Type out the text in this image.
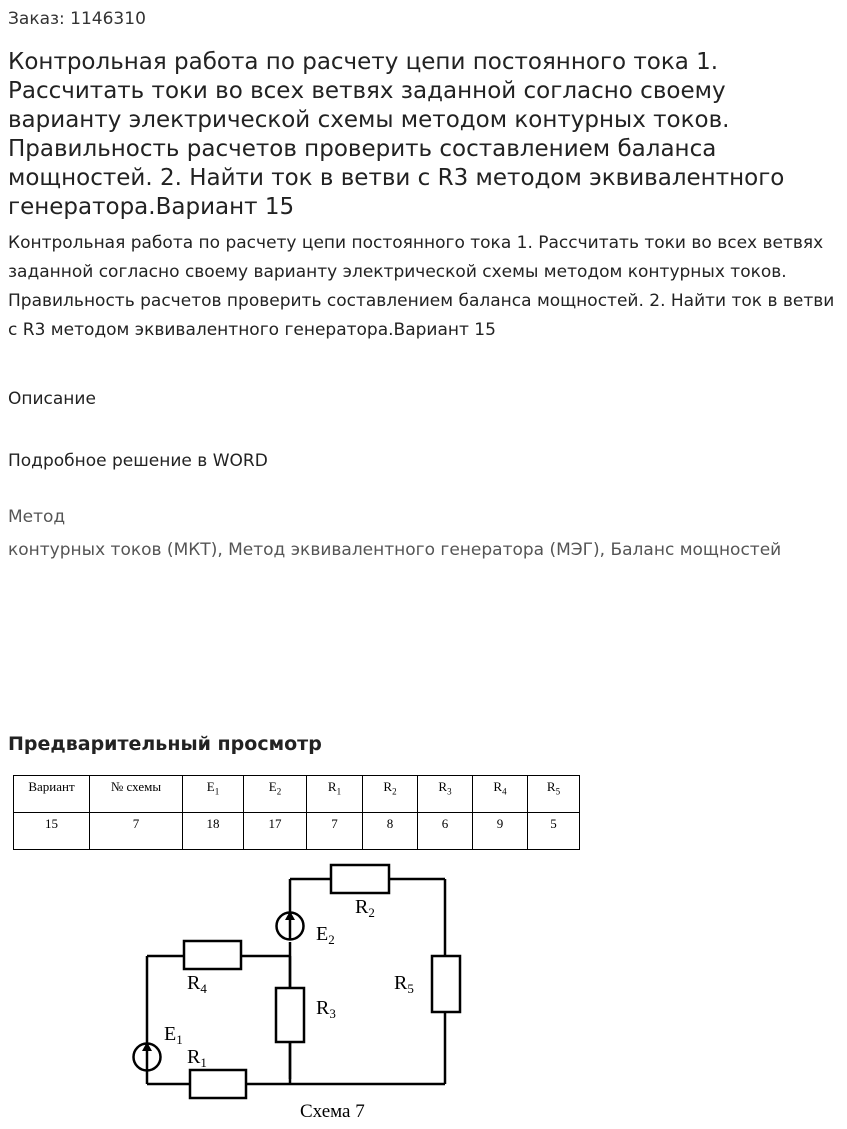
Заказ: 1146310
Контрольная работа по расчету цепи постоянного тока 1. Рассчитать токи во всех ветвях заданной согласно своему варианту электрической схемы методом контурных токов. Правильность расчетов проверить составлением баланса мощностей. 2. Найти ток в ветви с R3 методом эквивалентного генератора.Вариант 15

Контрольная работа по расчету цепи постоянного тока 1. Рассчитать токи во всех ветвях заданной согласно своему варианту электрической схемы методом контурных токов. Правильность расчетов проверить составлением баланса мощностей. 2. Найти ток в ветви с R3 методом эквивалентного генератора.Вариант 15

Описание
Подробное решение в WORD
Метод
контурных токов (МКТ), Метод эквивалентного генератора (МЭГ), Баланс мощностей
Предварительный просмотр
Вариант	№ схемы	$E_1$	$E_2$	$R_1$	$R_2$	$R_3$	$R_4$	$R_5$
15	7	18	17	7	8	6	9	5
$R_2$
$E_2$
$R_4$	$R_5$
$R_3$
$E_1$
$R_1$
Схема 7
